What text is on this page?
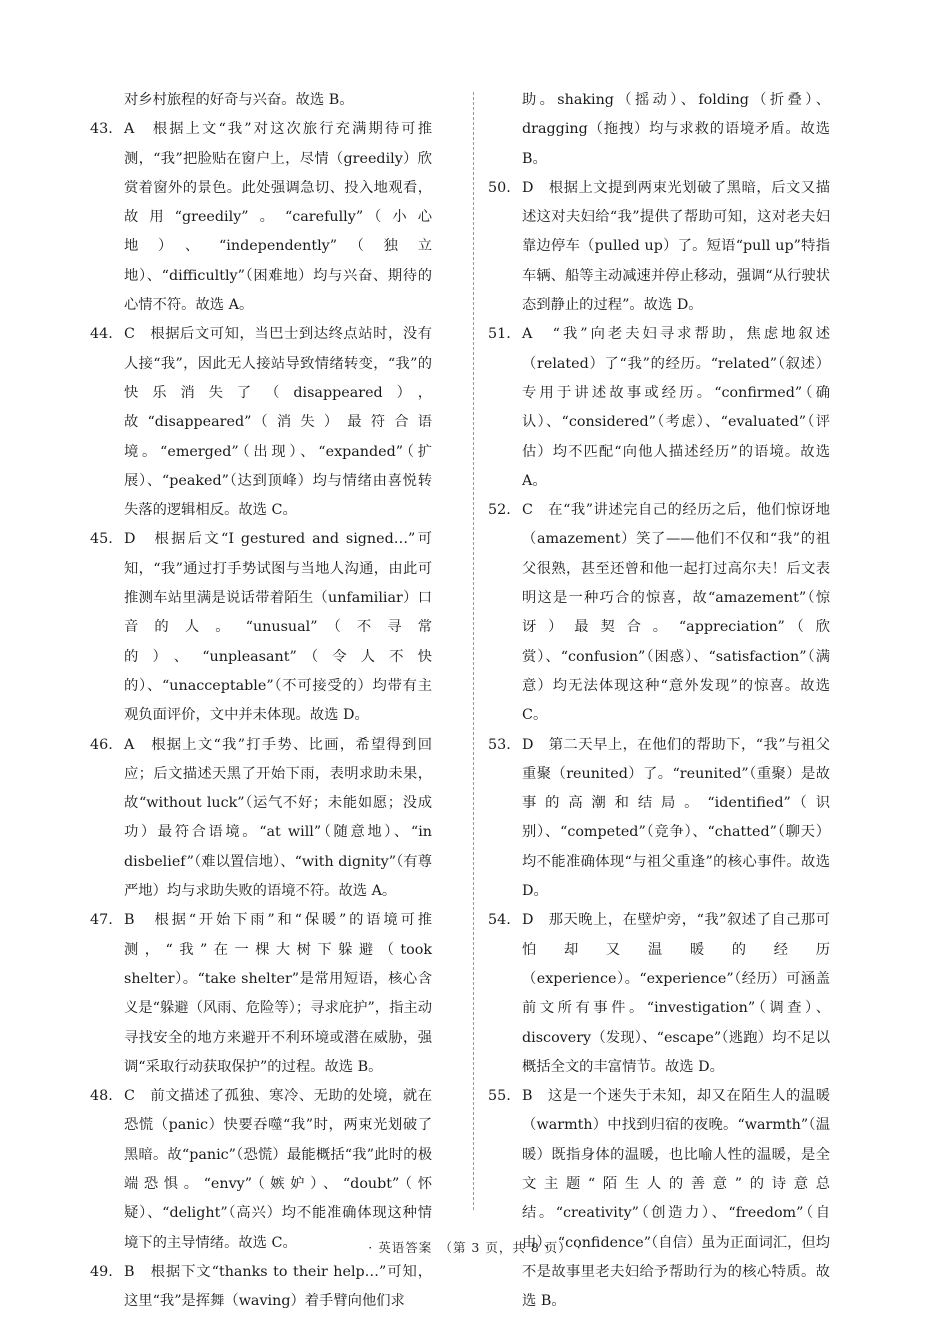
对乡村旅程的好奇与兴奋。故选 B。
43. A　根据上文“我”对这次旅行充满期待可推测，“我”把脸贴在窗户上，尽情（greedily）欣赏着窗外的景色。此处强调急切、投入地观看，故用“greedily”。“carefully”（小心地）、“independently”（独立地）、“difficultly”（困难地）均与兴奋、期待的心情不符。故选 A。
44. C　根据后文可知，当巴士到达终点站时，没有人接“我”，因此无人接站导致情绪转变，“我”的快乐消失了（disappeared），故“disappeared”（消失）最符合语境。“emerged”（出现）、“expanded”（扩展）、“peaked”（达到顶峰）均与情绪由喜悦转失落的逻辑相反。故选 C。
45. D　根据后文“I gestured and signed…”可知，“我”通过打手势试图与当地人沟通，由此可推测车站里满是说话带着陌生（unfamiliar）口音的人。“unusual”（不寻常的）、“unpleasant”（令人不快的）、“unacceptable”（不可接受的）均带有主观负面评价，文中并未体现。故选 D。
46. A　根据上文“我”打手势、比画，希望得到回应；后文描述天黑了开始下雨，表明求助未果，故“without luck”（运气不好；未能如愿；没成功）最符合语境。“at will”（随意地）、“in disbelief”（难以置信地）、“with dignity”（有尊严地）均与求助失败的语境不符。故选 A。
47. B　根据“开始下雨”和“保暖”的语境可推测，“我”在一棵大树下躲避（took shelter）。“take shelter”是常用短语，核心含义是“躲避（风雨、危险等）；寻求庇护”，指主动寻找安全的地方来避开不利环境或潜在威胁，强调“采取行动获取保护”的过程。故选 B。
48. C　前文描述了孤独、寒冷、无助的处境，就在恐慌（panic）快要吞噬“我”时，两束光划破了黑暗。故“panic”（恐慌）最能概括“我”此时的极端恐惧。“envy”（嫉妒）、“doubt”（怀疑）、“delight”（高兴）均不能准确体现这种情境下的主导情绪。故选 C。
49. B　根据下文“thanks to their help…”可知，这里“我”是挥舞（waving）着手臂向他们求
助。shaking（摇动）、folding（折叠）、dragging（拖拽）均与求救的语境矛盾。故选 B。
50. D　根据上文提到两束光划破了黑暗，后文又描述这对夫妇给“我”提供了帮助可知，这对老夫妇靠边停车（pulled up）了。短语“pull up”特指车辆、船等主动减速并停止移动，强调“从行驶状态到静止的过程”。故选 D。
51. A　“我”向老夫妇寻求帮助，焦虑地叙述（related）了“我”的经历。“related”（叙述）专用于讲述故事或经历。“confirmed”（确认）、“considered”（考虑）、“evaluated”（评估）均不匹配“向他人描述经历”的语境。故选 A。
52. C　在“我”讲述完自己的经历之后，他们惊讶地（amazement）笑了——他们不仅和“我”的祖父很熟，甚至还曾和他一起打过高尔夫！后文表明这是一种巧合的惊喜，故“amazement”（惊讶）最契合。“appreciation”（欣赏）、“confusion”（困惑）、“satisfaction”（满意）均无法体现这种“意外发现”的惊喜。故选 C。
53. D　第二天早上，在他们的帮助下，“我”与祖父重聚（reunited）了。“reunited”（重聚）是故事的高潮和结局。“identified”（识别）、“competed”（竞争）、“chatted”（聊天）均不能准确体现“与祖父重逢”的核心事件。故选 D。
54. D　那天晚上，在壁炉旁，“我”叙述了自己那可怕却又温暖的经历（experience）。“experience”（经历）可涵盖前文所有事件。“investigation”（调查）、discovery（发现）、“escape”（逃跑）均不足以概括全文的丰富情节。故选 D。
55. B　这是一个迷失于未知，却又在陌生人的温暖（warmth）中找到归宿的夜晚。“warmth”（温暖）既指身体的温暖，也比喻人性的温暖，是全文主题“陌生人的善意”的诗意总结。“creativity”（创造力）、“freedom”（自由）、“confidence”（自信）虽为正面词汇，但均不是故事里老夫妇给予帮助行为的核心特质。故选 B。
· 英语答案　（第 3 页，共 8 页） ·
